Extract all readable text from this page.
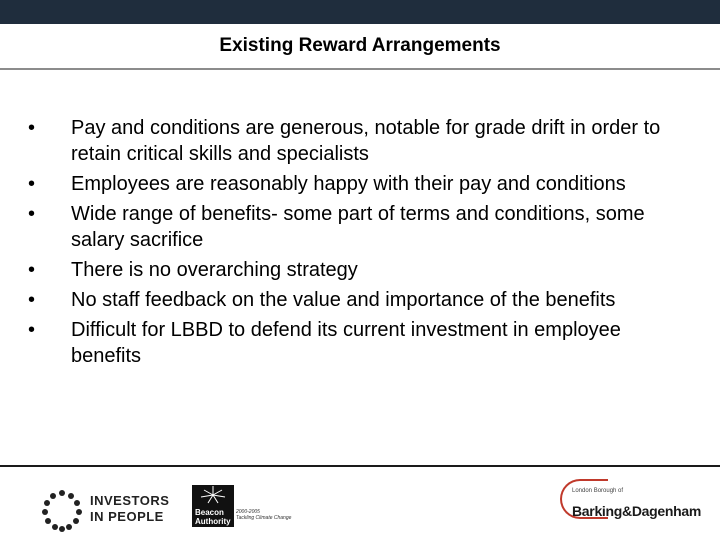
Existing Reward Arrangements
• Pay and conditions are generous, notable for grade drift in order to retain critical skills and specialists
• Employees are reasonably happy with their pay and conditions
• Wide range of benefits- some part of terms and conditions, some salary sacrifice
• There is no overarching strategy
• No staff feedback on the value and importance of the benefits
• Difficult for LBBD to defend its current investment in employee benefits
INVESTORS
IN PEOPLE	Beacon
Authority
2000-2005
Tackling Climate Change
London Borough of
Barking&Dagenham
